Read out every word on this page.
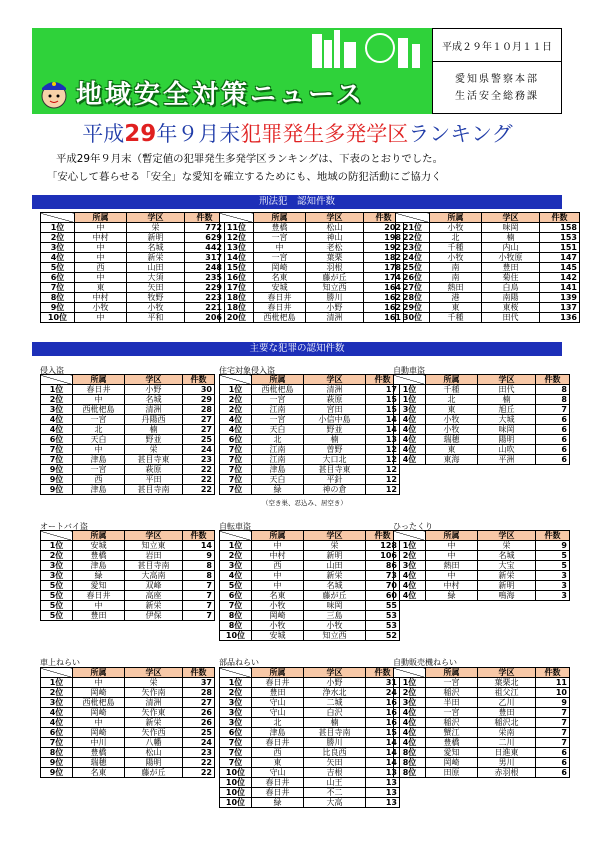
地域安全対策ニュース
平成２９年１０月１１日
愛知県警察本部
生活安全総務課
平成29年９月末犯罪発生多発学区ランキング
平成29年９月末（暫定値の犯罪発生多発学区ランキングは、下表のとおりでした。
「安心して暮らせる「安全」な愛知を確立するためにも、地域の防犯活動にご協力く
刑法犯　認知件数
主要な犯罪の認知件数
	所属	学区	件数
1位	中	栄	772
2位	中村	新明	629
3位	中	名城	442
4位	中	新栄	317
5位	西	山田	248
6位	中	大須	235
7位	東	矢田	229
8位	中村	牧野	223
9位	小牧	小牧	221
10位	中	平和	206
	所属	学区	件数
11位	豊橋	松山	202
12位	一宮	神山	198
13位	中	老松	192
14位	一宮	葉栗	182
15位	岡崎	羽根	178
16位	名東	藤が丘	174
17位	安城	知立西	164
18位	春日井	勝川	162
18位	春日井	小野	162
20位	西枇杷島	清洲	161
	所属	学区	件数
21位	小牧	味岡	158
22位	北	楠	153
23位	千種	内山	151
24位	小牧	小牧原	147
25位	南	豊田	145
26位	南	菊住	142
27位	熱田	白鳥	141
28位	港	南陽	139
29位	東	東桜	137
30位	千種	田代	136
侵入盗
	所属	学区	件数
1位	春日井	小野	30
2位	中	名城	29
3位	西枇杷島	清洲	28
4位	一宮	丹陽西	27
4位	北	楠	27
6位	天白	野並	25
7位	中	栄	24
7位	津島	甚目寺東	23
9位	一宮	萩原	22
9位	西	平田	22
9位	津島	甚目寺南	22
住宅対象侵入盗
	所属	学区	件数
1位	西枇杷島	清洲	17
2位	一宮	萩原	15
2位	江南	宮田	15
4位	一宮	小信中島	14
4位	天白	野並	14
6位	北	楠	13
7位	江南	曽野	12
7位	江南	大口北	12
7位	津島	甚目寺東	12
7位	天白	平針	12
7位	緑	神の倉	12
（空き巣、忍込み、居空き）
自動車盗
	所属	学区	件数
1位	千種	田代	8
1位	北	楠	8
3位	東	旭丘	7
4位	小牧	大城	6
4位	小牧	味岡	6
4位	瑞穂	陽明	6
4位	東	山吹	6
4位	東海	平洲	6
オートバイ盗
	所属	学区	件数
1位	安城	知立東	14
2位	豊橋	岩田	9
3位	津島	甚目寺南	8
3位	緑	大高南	8
5位	愛知	双峰	7
5位	春日井	高座	7
5位	中	新栄	7
5位	豊田	伊保	7
自転車盗
	所属	学区	件数
1位	中	栄	128
2位	中村	新明	106
3位	西	山田	86
4位	中	新栄	73
5位	中	名城	70
6位	名東	藤が丘	60
7位	小牧	味岡	55
8位	岡崎	三島	53
8位	小牧	小牧	53
10位	安城	知立西	52
ひったくり
	所属	学区	件数
1位	中	栄	9
2位	中	名城	5
3位	熱田	大宝	5
4位	中	新栄	3
4位	中村	新明	3
4位	緑	鳴海	3
車上ねらい
	所属	学区	件数
1位	中	栄	37
2位	岡崎	矢作南	28
3位	西枇杷島	清洲	27
4位	岡崎	矢作東	26
4位	中	新栄	26
6位	岡崎	矢作西	25
7位	中川	八幡	24
8位	豊橋	松山	23
9位	瑞穂	陽明	22
9位	名東	藤が丘	22
部品ねらい
	所属	学区	件数
1位	春日井	小野	31
2位	豊田	浄水北	24
3位	守山	二城	16
3位	守山	白沢	16
3位	北	楠	16
6位	津島	甚目寺南	15
7位	春日井	勝川	14
7位	西	比良西	14
7位	東	矢田	14
10位	守山	吉根	13
10位	春日井	山王	13
10位	春日井	不二	13
10位	緑	大高	13
自動販売機ねらい
	所属	学区	件数
1位	一宮	葉栗北	11
2位	稲沢	祖父江	10
3位	半田	乙川	9
4位	一宮	豊田	7
4位	稲沢	稲沢北	7
4位	蟹江	栄南	7
4位	豊橋	二川	7
8位	愛知	日進東	6
8位	岡崎	男川	6
8位	田原	赤羽根	6
